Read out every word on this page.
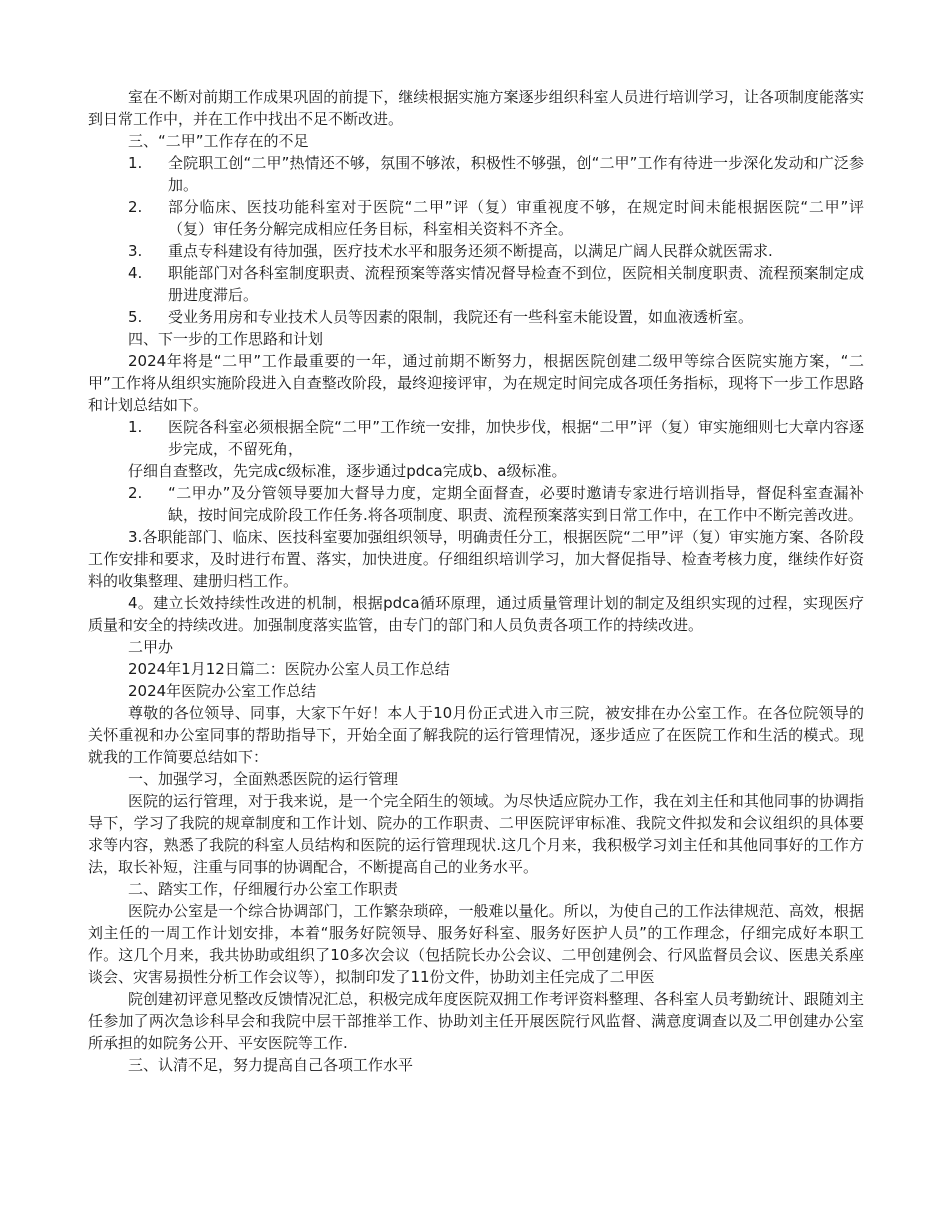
室在不断对前期工作成果巩固的前提下，继续根据实施方案逐步组织科室人员进行培训学习，让各项制度能落实到日常工作中，并在工作中找出不足不断改进。

三、“二甲”工作存在的不足

1.	全院职工创“二甲”热情还不够，氛围不够浓，积极性不够强，创“二甲”工作有待进一步深化发动和广泛参加。

2.	部分临床、医技功能科室对于医院“二甲”评（复）审重视度不够，在规定时间未能根据医院“二甲”评（复）审任务分解完成相应任务目标，科室相关资料不齐全。

3.	重点专科建设有待加强，医疗技术水平和服务还须不断提高，以满足广阔人民群众就医需求.

4.	职能部门对各科室制度职责、流程预案等落实情况督导检查不到位，医院相关制度职责、流程预案制定成册进度滞后。

5.	受业务用房和专业技术人员等因素的限制，我院还有一些科室未能设置，如血液透析室。

四、下一步的工作思路和计划

2024年将是“二甲”工作最重要的一年，通过前期不断努力，根据医院创建二级甲等综合医院实施方案，“二甲”工作将从组织实施阶段进入自查整改阶段，最终迎接评审，为在规定时间完成各项任务指标，现将下一步工作思路和计划总结如下。

1.	医院各科室必须根据全院“二甲”工作统一安排，加快步伐，根据“二甲”评（复）审实施细则七大章内容逐步完成，不留死角，

仔细自查整改，先完成c级标准，逐步通过pdca完成b、a级标准。

2.	“二甲办”及分管领导要加大督导力度，定期全面督查，必要时邀请专家进行培训指导，督促科室查漏补缺，按时间完成阶段工作任务.将各项制度、职责、流程预案落实到日常工作中，在工作中不断完善改进。

3.各职能部门、临床、医技科室要加强组织领导，明确责任分工，根据医院“二甲”评（复）审实施方案、各阶段工作安排和要求，及时进行布置、落实，加快进度。仔细组织培训学习，加大督促指导、检查考核力度，继续作好资料的收集整理、建册归档工作。

4。建立长效持续性改进的机制，根据pdca循环原理，通过质量管理计划的制定及组织实现的过程，实现医疗质量和安全的持续改进。加强制度落实监管，由专门的部门和人员负责各项工作的持续改进。

二甲办

2024年1月12日篇二：医院办公室人员工作总结

2024年医院办公室工作总结

尊敬的各位领导、同事，大家下午好！本人于10月份正式进入市三院，被安排在办公室工作。在各位院领导的关怀重视和办公室同事的帮助指导下，开始全面了解我院的运行管理情况，逐步适应了在医院工作和生活的模式。现就我的工作简要总结如下：

一、加强学习，全面熟悉医院的运行管理

医院的运行管理，对于我来说，是一个完全陌生的领域。为尽快适应院办工作，我在刘主任和其他同事的协调指导下，学习了我院的规章制度和工作计划、院办的工作职责、二甲医院评审标准、我院文件拟发和会议组织的具体要求等内容，熟悉了我院的科室人员结构和医院的运行管理现状.这几个月来，我积极学习刘主任和其他同事好的工作方法，取长补短，注重与同事的协调配合，不断提高自己的业务水平。

二、踏实工作，仔细履行办公室工作职责

医院办公室是一个综合协调部门，工作繁杂琐碎，一般难以量化。所以，为使自己的工作法律规范、高效，根据刘主任的一周工作计划安排，本着“服务好院领导、服务好科室、服务好医护人员”的工作理念，仔细完成好本职工作。这几个月来，我共协助或组织了10多次会议（包括院长办公会议、二甲创建例会、行风监督员会议、医患关系座谈会、灾害易损性分析工作会议等），拟制印发了11份文件，协助刘主任完成了二甲医

院创建初评意见整改反馈情况汇总，积极完成年度医院双拥工作考评资料整理、各科室人员考勤统计、跟随刘主任参加了两次急诊科早会和我院中层干部推举工作、协助刘主任开展医院行风监督、满意度调查以及二甲创建办公室所承担的如院务公开、平安医院等工作.

三、认清不足，努力提高自己各项工作水平
